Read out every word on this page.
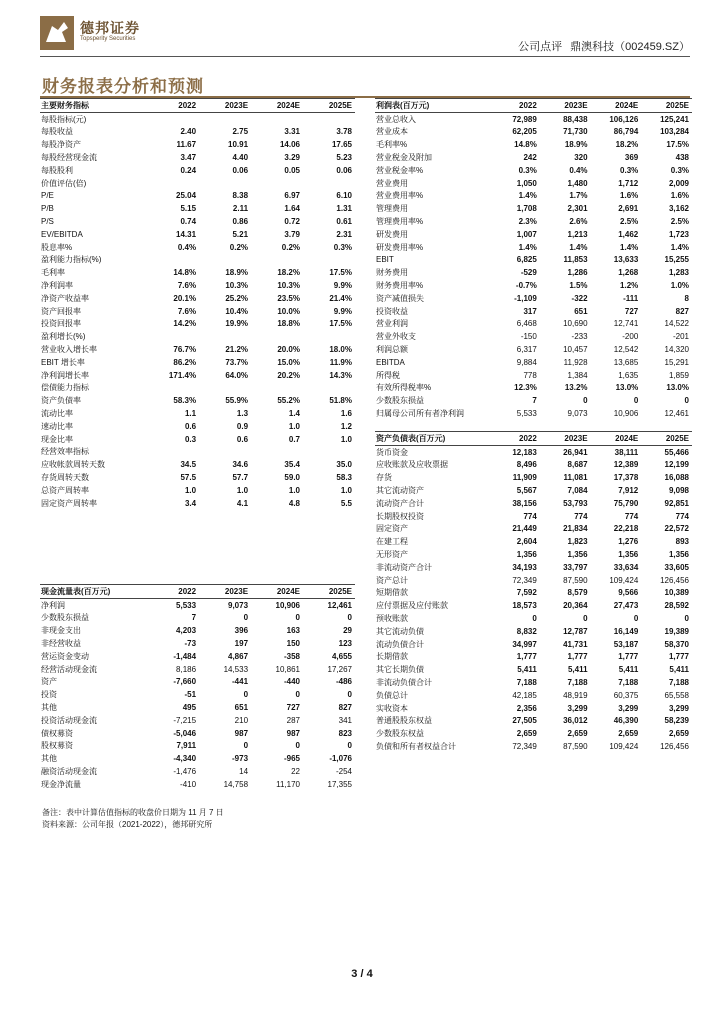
德邦证券
Topsperity Securities
公司点评 鼎澳科技（002459.SZ）
财务报表分析和预测
主要财务指标	2022	2023E	2024E	2025E
每股指标(元)				
每股收益	2.40	2.75	3.31	3.78
每股净资产	11.67	10.91	14.06	17.65
每股经营现金流	3.47	4.40	3.29	5.23
每股股利	0.24	0.06	0.05	0.06
价值评估(倍)				
P/E	25.04	8.38	6.97	6.10
P/B	5.15	2.11	1.64	1.31
P/S	0.74	0.86	0.72	0.61
EV/EBITDA	14.31	5.21	3.79	2.31
股息率%	0.4%	0.2%	0.2%	0.3%
盈利能力指标(%)				
毛利率	14.8%	18.9%	18.2%	17.5%
净利润率	7.6%	10.3%	10.3%	9.9%
净资产收益率	20.1%	25.2%	23.5%	21.4%
资产回报率	7.6%	10.4%	10.0%	9.9%
投资回报率	14.2%	19.9%	18.8%	17.5%
盈利增长(%)				
营业收入增长率	76.7%	21.2%	20.0%	18.0%
EBIT 增长率	86.2%	73.7%	15.0%	11.9%
净利润增长率	171.4%	64.0%	20.2%	14.3%
偿债能力指标				
资产负债率	58.3%	55.9%	55.2%	51.8%
流动比率	1.1	1.3	1.4	1.6
速动比率	0.6	0.9	1.0	1.2
现金比率	0.3	0.6	0.7	1.0
经营效率指标				
应收帐款周转天数	34.5	34.6	35.4	35.0
存货周转天数	57.5	57.7	59.0	58.3
总资产周转率	1.0	1.0	1.0	1.0
固定资产周转率	3.4	4.1	4.8	5.5
利润表(百万元)	2022	2023E	2024E	2025E
营业总收入	72,989	88,438	106,126	125,241
营业成本	62,205	71,730	86,794	103,284
毛利率%	14.8%	18.9%	18.2%	17.5%
营业税金及附加	242	320	369	438
营业税金率%	0.3%	0.4%	0.3%	0.3%
营业费用	1,050	1,480	1,712	2,009
营业费用率%	1.4%	1.7%	1.6%	1.6%
管理费用	1,708	2,301	2,691	3,162
管理费用率%	2.3%	2.6%	2.5%	2.5%
研发费用	1,007	1,213	1,462	1,723
研发费用率%	1.4%	1.4%	1.4%	1.4%
EBIT	6,825	11,853	13,633	15,255
财务费用	-529	1,286	1,268	1,283
财务费用率%	-0.7%	1.5%	1.2%	1.0%
资产减值损失	-1,109	-322	-111	8
投资收益	317	651	727	827
营业利润	6,468	10,690	12,741	14,522
营业外收支	-150	-233	-200	-201
利润总额	6,317	10,457	12,542	14,320
EBITDA	9,884	11,928	13,685	15,291
所得税	778	1,384	1,635	1,859
有效所得税率%	12.3%	13.2%	13.0%	13.0%
少数股东损益	7	0	0	0
归属母公司所有者净利润	5,533	9,073	10,906	12,461
现金流量表(百万元)	2022	2023E	2024E	2025E
净利润	5,533	9,073	10,906	12,461
少数股东损益	7	0	0	0
非现金支出	4,203	396	163	29
非经营收益	-73	197	150	123
营运资金变动	-1,484	4,867	-358	4,655
经营活动现金流	8,186	14,533	10,861	17,267
资产	-7,660	-441	-440	-486
投资	-51	0	0	0
其他	495	651	727	827
投资活动现金流	-7,215	210	287	341
债权募资	-5,046	987	987	823
股权募资	7,911	0	0	0
其他	-4,340	-973	-965	-1,076
融资活动现金流	-1,476	14	22	-254
现金净流量	-410	14,758	11,170	17,355
资产负债表(百万元)	2022	2023E	2024E	2025E
货币资金	12,183	26,941	38,111	55,466
应收账款及应收票据	8,496	8,687	12,389	12,199
存货	11,909	11,081	17,378	16,088
其它流动资产	5,567	7,084	7,912	9,098
流动资产合计	38,156	53,793	75,790	92,851
长期股权投资	774	774	774	774
固定资产	21,449	21,834	22,218	22,572
在建工程	2,604	1,823	1,276	893
无形资产	1,356	1,356	1,356	1,356
非流动资产合计	34,193	33,797	33,634	33,605
资产总计	72,349	87,590	109,424	126,456
短期借款	7,592	8,579	9,566	10,389
应付票据及应付账款	18,573	20,364	27,473	28,592
预收账款	0	0	0	0
其它流动负债	8,832	12,787	16,149	19,389
流动负债合计	34,997	41,731	53,187	58,370
长期借款	1,777	1,777	1,777	1,777
其它长期负债	5,411	5,411	5,411	5,411
非流动负债合计	7,188	7,188	7,188	7,188
负债总计	42,185	48,919	60,375	65,558
实收资本	2,356	3,299	3,299	3,299
普通股股东权益	27,505	36,012	46,390	58,239
少数股东权益	2,659	2,659	2,659	2,659
负债和所有者权益合计	72,349	87,590	109,424	126,456
备注：表中计算估值指标的收盘价日期为 11 月 7 日
资料来源：公司年报（2021-2022），德邦研究所
3 / 4
